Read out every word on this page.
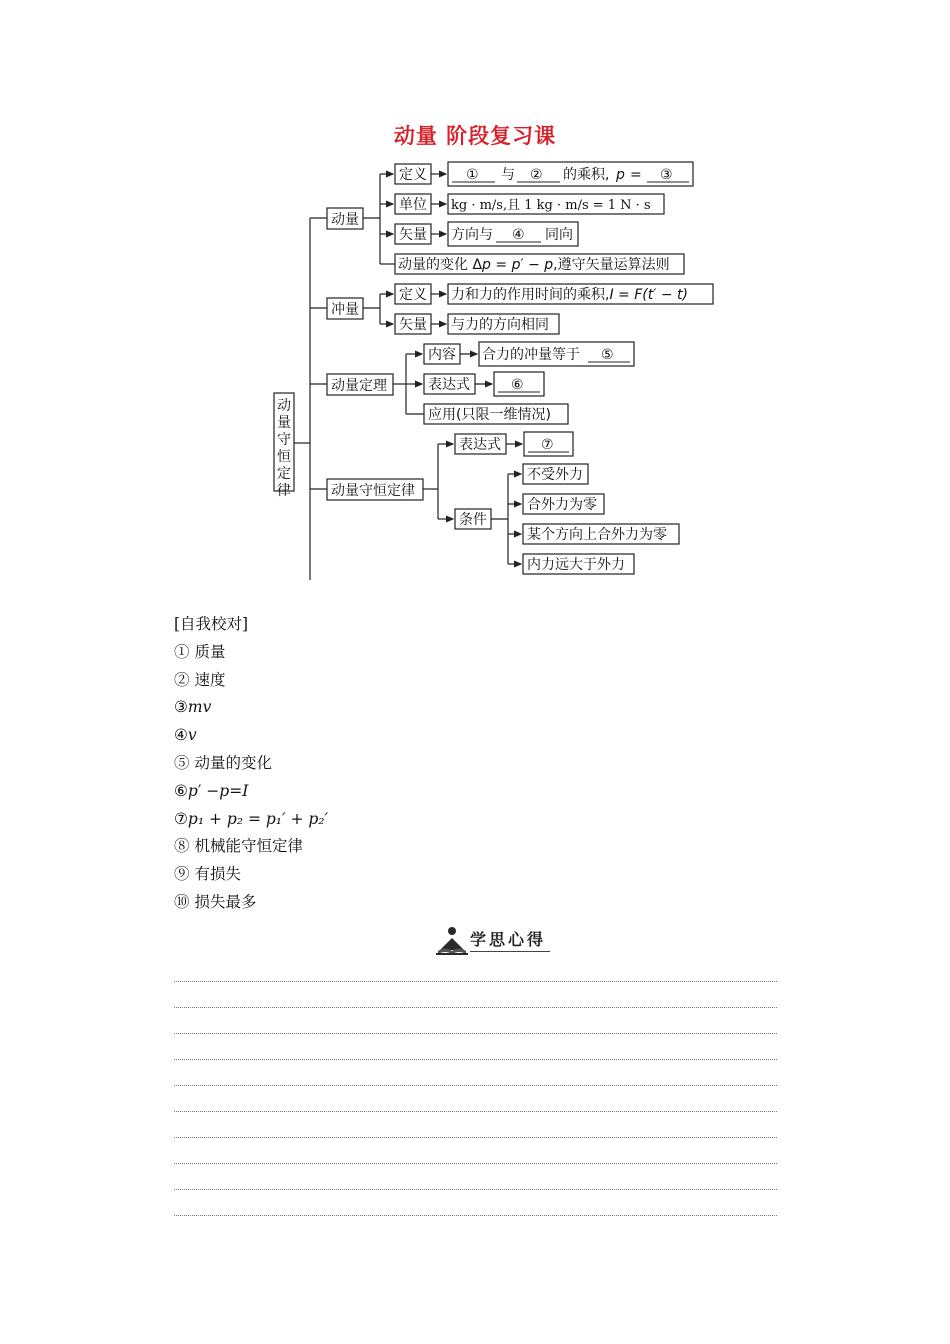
动量 阶段复习课
动
量
守
恒
定
律
动量
定义	① 与 ② 的乘积, p = ③
单位 kg · m/s,且 1 kg · m/s = 1 N · s
矢量 方向与 ④ 同向
动量的变化 Δp = p′ − p,遵守矢量运算法则
冲量
定义 力和力的作用时间的乘积,I = F(t′ − t)
矢量 与力的方向相同
动量定理
内容 合力的冲量等于 ⑤
表达式	⑥
应用(只限一维情况)
动量守恒定律
表达式	⑦
条件
不受外力
合外力为零
某个方向上合外力为零
内力远大于外力
[自我校对]
① 质量
② 速度
③mv
④v
⑤ 动量的变化
⑥p′ −p=I
⑦p₁ + p₂ = p₁′ + p₂′
⑧ 机械能守恒定律
⑨ 有损失
⑩ 损失最多
学思心得
